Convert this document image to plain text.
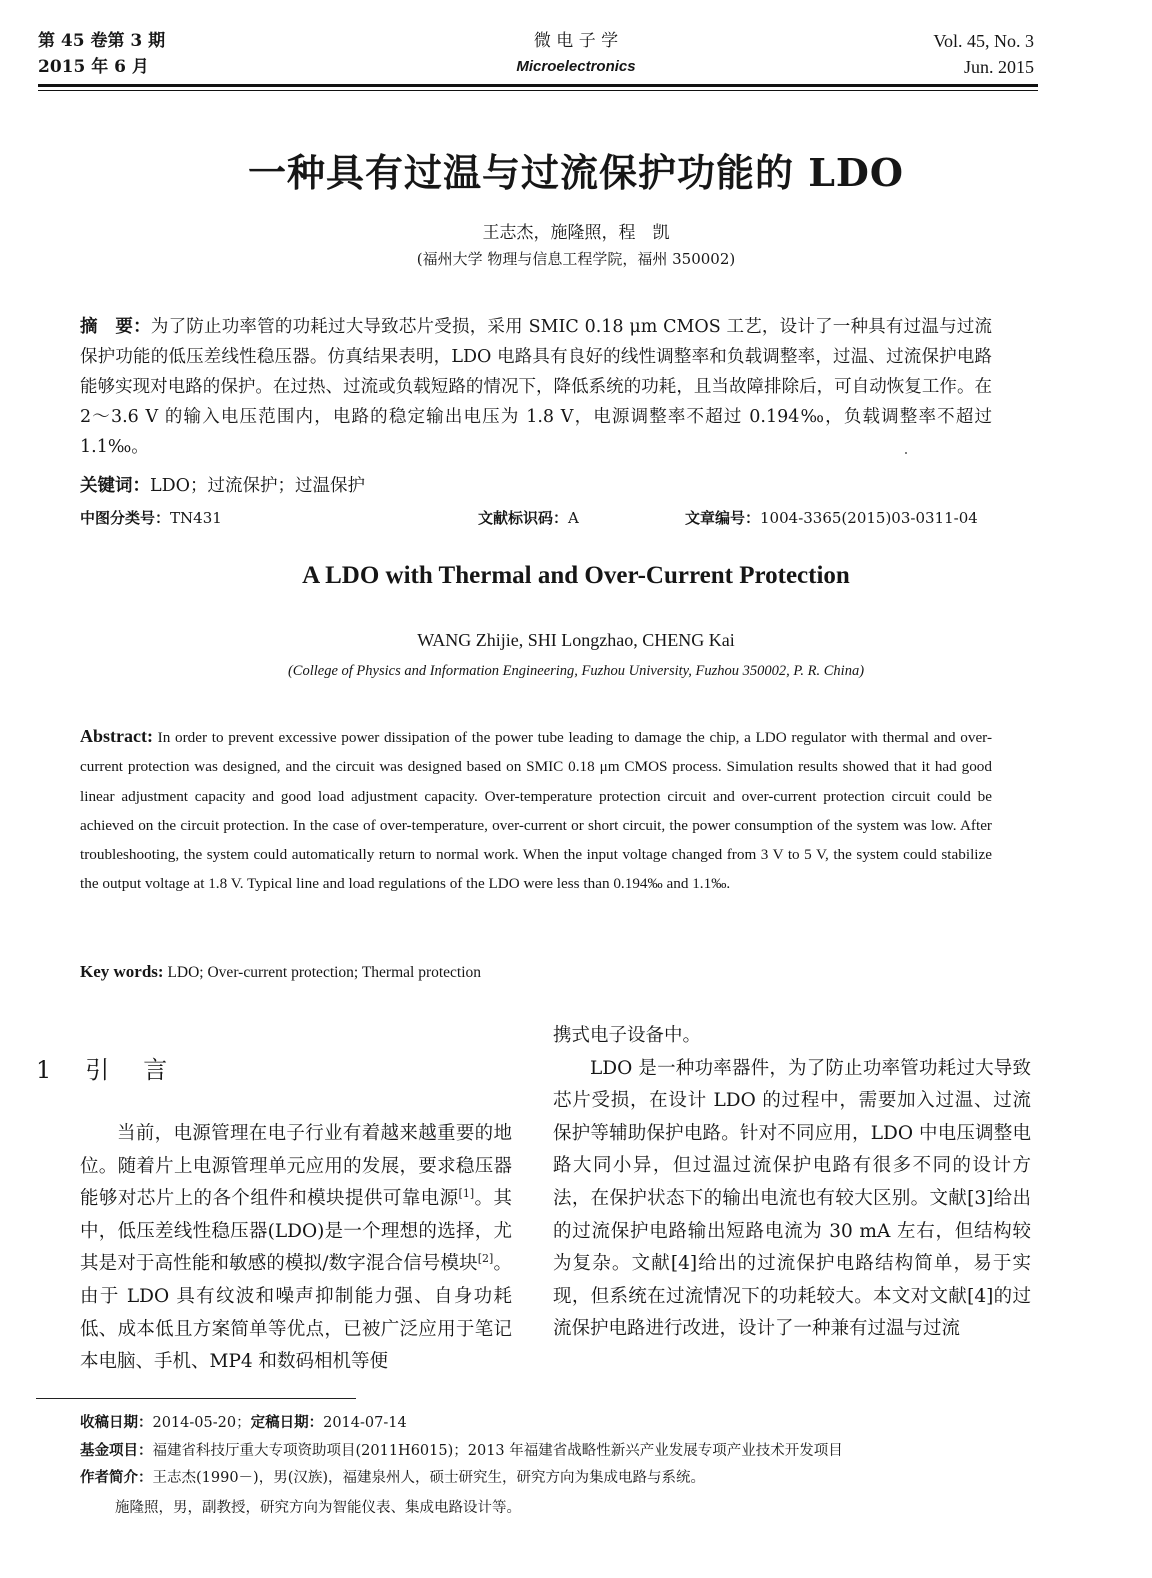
第 45 卷第 3 期
2015 年 6 月
微 电 子 学
Microelectronics
Vol. 45, No. 3
Jun. 2015
一种具有过温与过流保护功能的 LDO
王志杰，施隆照，程　凯
(福州大学 物理与信息工程学院，福州 350002)
摘　要：为了防止功率管的功耗过大导致芯片受损，采用 SMIC 0.18 μm CMOS 工艺，设计了一种具有过温与过流保护功能的低压差线性稳压器。仿真结果表明，LDO 电路具有良好的线性调整率和负载调整率，过温、过流保护电路能够实现对电路的保护。在过热、过流或负载短路的情况下，降低系统的功耗，且当故障排除后，可自动恢复工作。在 2～3.6 V 的输入电压范围内，电路的稳定输出电压为 1.8 V，电源调整率不超过 0.194‰，负载调整率不超过 1.1‰。
关键词：LDO；过流保护；过温保护
中图分类号：TN431	文献标识码：A	文章编号：1004-3365(2015)03-0311-04
A LDO with Thermal and Over-Current Protection
WANG Zhijie, SHI Longzhao, CHENG Kai
(College of Physics and Information Engineering, Fuzhou University, Fuzhou 350002, P. R. China)
Abstract: In order to prevent excessive power dissipation of the power tube leading to damage the chip, a LDO regulator with thermal and over-current protection was designed, and the circuit was designed based on SMIC 0.18 μm CMOS process. Simulation results showed that it had good linear adjustment capacity and good load adjustment capacity. Over-temperature protection circuit and over-current protection circuit could be achieved on the circuit protection. In the case of over-temperature, over-current or short circuit, the power consumption of the system was low. After troubleshooting, the system could automatically return to normal work. When the input voltage changed from 3 V to 5 V, the system could stabilize the output voltage at 1.8 V. Typical line and load regulations of the LDO were less than 0.194‰ and 1.1‰.
Key words: LDO; Over-current protection; Thermal protection
1引言

当前，电源管理在电子行业有着越来越重要的地位。随着片上电源管理单元应用的发展，要求稳压器能够对芯片上的各个组件和模块提供可靠电源[1]。其中，低压差线性稳压器(LDO)是一个理想的选择，尤其是对于高性能和敏感的模拟/数字混合信号模块[2]。由于 LDO 具有纹波和噪声抑制能力强、自身功耗低、成本低且方案简单等优点，已被广泛应用于笔记本电脑、手机、MP4 和数码相机等便

携式电子设备中。

LDO 是一种功率器件，为了防止功率管功耗过大导致芯片受损，在设计 LDO 的过程中，需要加入过温、过流保护等辅助保护电路。针对不同应用，LDO 中电压调整电路大同小异，但过温过流保护电路有很多不同的设计方法，在保护状态下的输出电流也有较大区别。文献[3]给出的过流保护电路输出短路电流为 30 mA 左右，但结构较为复杂。文献[4]给出的过流保护电路结构简单，易于实现，但系统在过流情况下的功耗较大。本文对文献[4]的过流保护电路进行改进，设计了一种兼有过温与过流

收稿日期：2014-05-20；定稿日期：2014-07-14
基金项目：福建省科技厅重大专项资助项目(2011H6015)；2013 年福建省战略性新兴产业发展专项产业技术开发项目
作者简介：王志杰(1990－)，男(汉族)，福建泉州人，硕士研究生，研究方向为集成电路与系统。
施隆照，男，副教授，研究方向为智能仪表、集成电路设计等。
